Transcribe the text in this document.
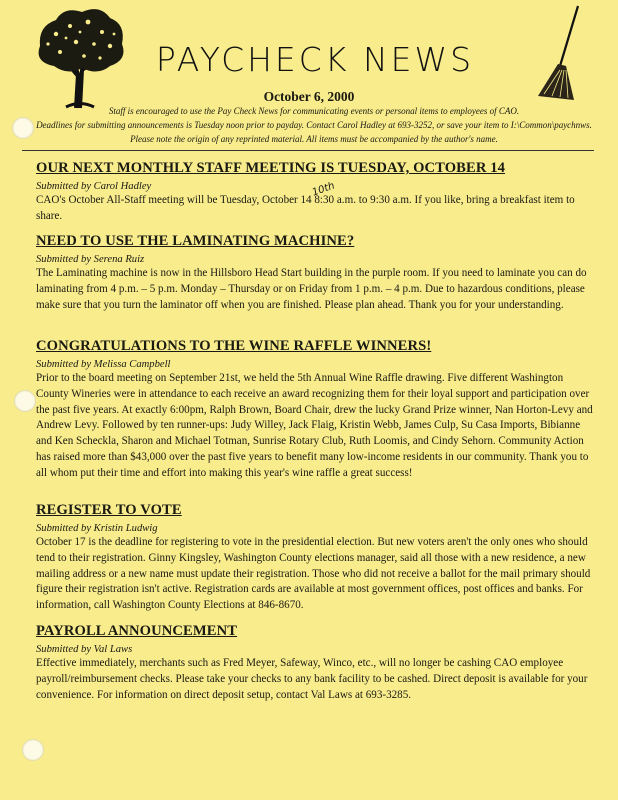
PAYCHECK NEWS
October 6, 2000
Staff is encouraged to use the Pay Check News for communicating events or personal items to employees of CAO.
Deadlines for submitting announcements is Tuesday noon prior to payday. Contact Carol Hadley at 693-3252, or save your item to I:\Common\paychnws.
Please note the origin of any reprinted material. All items must be accompanied by the author's name.
OUR NEXT MONTHLY STAFF MEETING IS TUESDAY, OCTOBER 14
Submitted by Carol Hadley

CAO's October All-Staff meeting will be Tuesday, October 14 8:30 a.m. to 9:30 a.m. If you like, bring a breakfast item to share.

10th
NEED TO USE THE LAMINATING MACHINE?
Submitted by Serena Ruiz

The Laminating machine is now in the Hillsboro Head Start building in the purple room. If you need to laminate you can do laminating from 4 p.m. – 5 p.m. Monday – Thursday or on Friday from 1 p.m. – 4 p.m. Due to hazardous conditions, please make sure that you turn the laminator off when you are finished. Please plan ahead. Thank you for your understanding.

CONGRATULATIONS TO THE WINE RAFFLE WINNERS!
Submitted by Melissa Campbell

Prior to the board meeting on September 21st, we held the 5th Annual Wine Raffle drawing. Five different Washington County Wineries were in attendance to each receive an award recognizing them for their loyal support and participation over the past five years. At exactly 6:00pm, Ralph Brown, Board Chair, drew the lucky Grand Prize winner, Nan Horton-Levy and Andrew Levy. Followed by ten runner-ups: Judy Willey, Jack Flaig, Kristin Webb, James Culp, Su Casa Imports, Bibianne and Ken Scheckla, Sharon and Michael Totman, Sunrise Rotary Club, Ruth Loomis, and Cindy Sehorn. Community Action has raised more than $43,000 over the past five years to benefit many low-income residents in our community. Thank you to all whom put their time and effort into making this year's wine raffle a great success!

REGISTER TO VOTE
Submitted by Kristin Ludwig

October 17 is the deadline for registering to vote in the presidential election. But new voters aren't the only ones who should tend to their registration. Ginny Kingsley, Washington County elections manager, said all those with a new residence, a new mailing address or a new name must update their registration. Those who did not receive a ballot for the mail primary should figure their registration isn't active. Registration cards are available at most government offices, post offices and banks. For information, call Washington County Elections at 846-8670.

PAYROLL ANNOUNCEMENT
Submitted by Val Laws

Effective immediately, merchants such as Fred Meyer, Safeway, Winco, etc., will no longer be cashing CAO employee payroll/reimbursement checks. Please take your checks to any bank facility to be cashed. Direct deposit is available for your convenience. For information on direct deposit setup, contact Val Laws at 693-3285.
